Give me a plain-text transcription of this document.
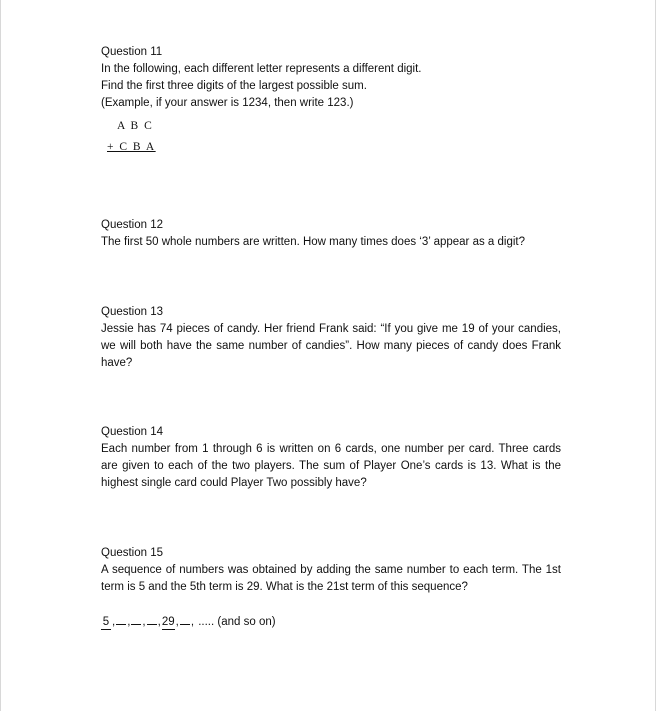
Question 11
In the following, each different letter represents a different digit.
Find the first three digits of the largest possible sum.
(Example, if your answer is 1234, then write 123.)
A B C
+ C B A
Question 12
The first 50 whole numbers are written. How many times does ‘3’ appear as a digit?
Question 13
Jessie has 74 pieces of candy. Her friend Frank said: “If you give me 19 of your candies, we will both have the same number of candies”. How many pieces of candy does Frank have?
Question 14
Each number from 1 through 6 is written on 6 cards, one number per card. Three cards are given to each of the two players. The sum of Player One’s cards is 13. What is the highest single card could Player Two possibly have?
Question 15
A sequence of numbers was obtained by adding the same number to each term. The 1st term is 5 and the 5th term is 29. What is the 21st term of this sequence?
5 , , , ,29, , ..... (and so on)
